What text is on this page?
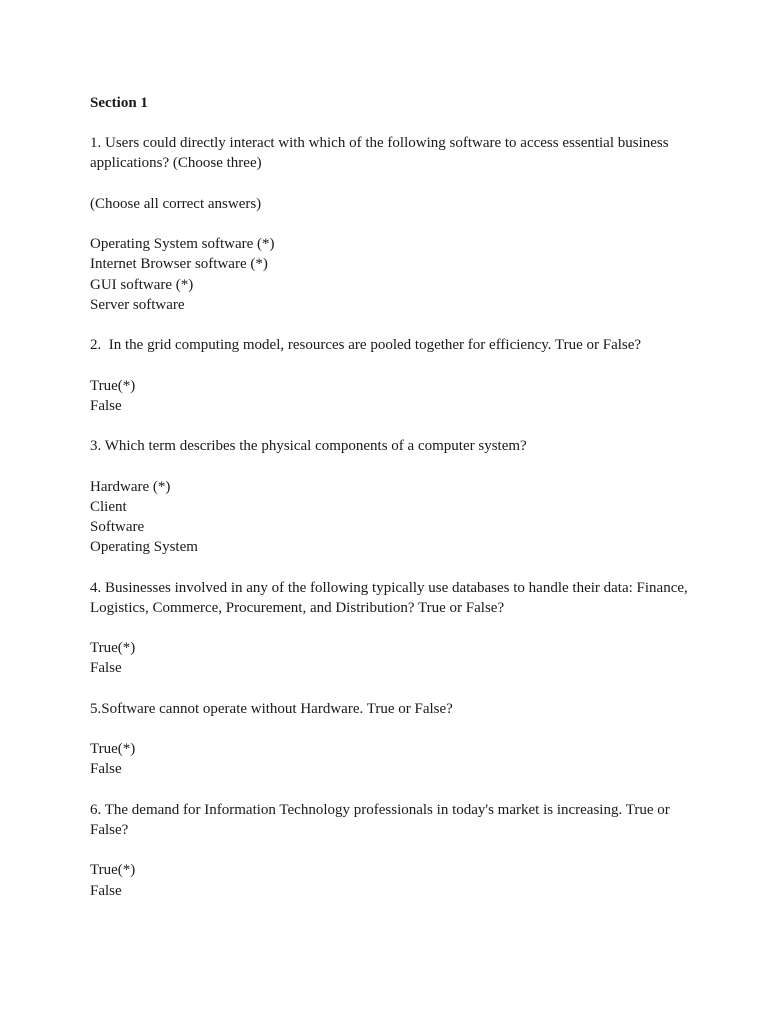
Section 1

1. Users could directly interact with which of the following software to access essential business applications? (Choose three)

(Choose all correct answers)

Operating System software (*)
Internet Browser software (*)
GUI software (*)
Server software

2.  In the grid computing model, resources are pooled together for efficiency. True or False?

True(*)
False

3. Which term describes the physical components of a computer system?

Hardware (*)
Client
Software
Operating System

4. Businesses involved in any of the following typically use databases to handle their data: Finance, Logistics, Commerce, Procurement, and Distribution? True or False?

True(*)
False

5.Software cannot operate without Hardware. True or False?

True(*)
False

6. The demand for Information Technology professionals in today's market is increasing. True or False?

True(*)
False
